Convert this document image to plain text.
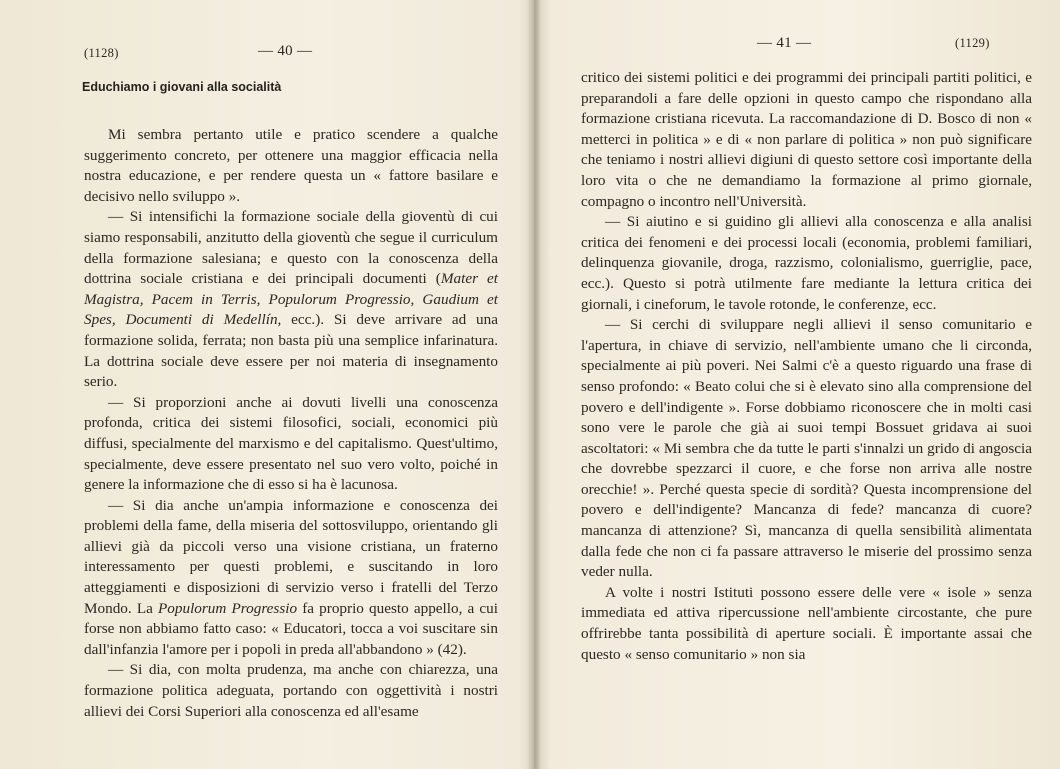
(1128)	— 40 —
Educhiamo i giovani alla socialità

Mi sembra pertanto utile e pratico scendere a qualche suggerimento concreto, per ottenere una maggior efficacia nella nostra educazione, e per rendere questa un « fattore basilare e decisivo nello sviluppo ».

— Si intensifichi la formazione sociale della gioventù di cui siamo responsabili, anzitutto della gioventù che segue il curriculum della formazione salesiana; e questo con la conoscenza della dottrina sociale cristiana e dei principali documenti (Mater et Magistra, Pacem in Terris, Populorum Progressio, Gaudium et Spes, Documenti di Medellín, ecc.). Si deve arrivare ad una formazione solida, ferrata; non basta più una semplice infarinatura. La dottrina sociale deve essere per noi materia di insegnamento serio.

— Si proporzioni anche ai dovuti livelli una conoscenza profonda, critica dei sistemi filosofici, sociali, economici più diffusi, specialmente del marxismo e del capitalismo. Quest'ultimo, specialmente, deve essere presentato nel suo vero volto, poiché in genere la informazione che di esso si ha è lacunosa.

— Si dia anche un'ampia informazione e conoscenza dei problemi della fame, della miseria del sottosviluppo, orientando gli allievi già da piccoli verso una visione cristiana, un fraterno interessamento per questi problemi, e suscitando in loro atteggiamenti e disposizioni di servizio verso i fratelli del Terzo Mondo. La Populorum Progressio fa proprio questo appello, a cui forse non abbiamo fatto caso: « Educatori, tocca a voi suscitare sin dall'infanzia l'amore per i popoli in preda all'abbandono » (42).

— Si dia, con molta prudenza, ma anche con chiarezza, una formazione politica adeguata, portando con oggettività i nostri allievi dei Corsi Superiori alla conoscenza ed all'esame

— 41 —	(1129)

critico dei sistemi politici e dei programmi dei principali partiti politici, e preparandoli a fare delle opzioni in questo campo che rispondano alla formazione cristiana ricevuta. La raccomandazione di D. Bosco di non « metterci in politica » e di « non parlare di politica » non può significare che teniamo i nostri allievi digiuni di questo settore così importante della loro vita o che ne demandiamo la formazione al primo giornale, compagno o incontro nell'Università.

— Si aiutino e si guidino gli allievi alla conoscenza e alla analisi critica dei fenomeni e dei processi locali (economia, problemi familiari, delinquenza giovanile, droga, razzismo, colonialismo, guerriglie, pace, ecc.). Questo si potrà utilmente fare mediante la lettura critica dei giornali, i cineforum, le tavole rotonde, le conferenze, ecc.

— Si cerchi di sviluppare negli allievi il senso comunitario e l'apertura, in chiave di servizio, nell'ambiente umano che li circonda, specialmente ai più poveri. Nei Salmi c'è a questo riguardo una frase di senso profondo: « Beato colui che si è elevato sino alla comprensione del povero e dell'indigente ». Forse dobbiamo riconoscere che in molti casi sono vere le parole che già ai suoi tempi Bossuet gridava ai suoi ascoltatori: « Mi sembra che da tutte le parti s'innalzi un grido di angoscia che dovrebbe spezzarci il cuore, e che forse non arriva alle nostre orecchie! ». Perché questa specie di sordità? Questa incomprensione del povero e dell'indigente? Mancanza di fede? mancanza di cuore? mancanza di attenzione? Sì, mancanza di quella sensibilità alimentata dalla fede che non ci fa passare attraverso le miserie del prossimo senza veder nulla.

A volte i nostri Istituti possono essere delle vere « isole » senza immediata ed attiva ripercussione nell'ambiente circostante, che pure offrirebbe tanta possibilità di aperture sociali. È importante assai che questo « senso comunitario » non sia
